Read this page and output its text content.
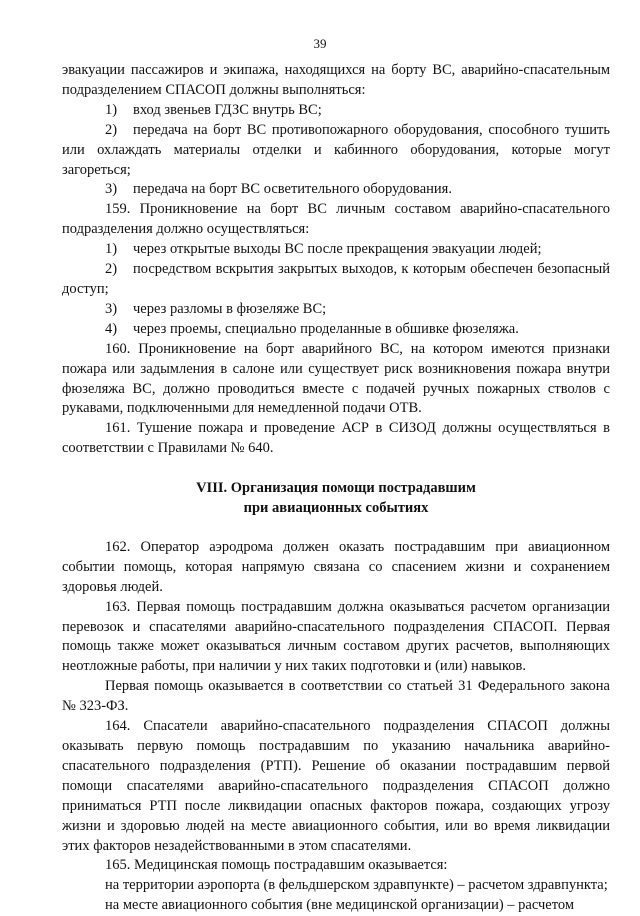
39

эвакуации пассажиров и экипажа, находящихся на борту ВС, аварийно-спасательным подразделением СПАСОП должны выполняться:

1) вход звеньев ГДЗС внутрь ВС;

2) передача на борт ВС противопожарного оборудования, способного тушить или охлаждать материалы отделки и кабинного оборудования, которые могут загореться;

3) передача на борт ВС осветительного оборудования.

159. Проникновение на борт ВС личным составом аварийно-спасательного подразделения должно осуществляться:

1) через открытые выходы ВС после прекращения эвакуации людей;

2) посредством вскрытия закрытых выходов, к которым обеспечен безопасный доступ;

3) через разломы в фюзеляже ВС;

4) через проемы, специально проделанные в обшивке фюзеляжа.

160. Проникновение на борт аварийного ВС, на котором имеются признаки пожара или задымления в салоне или существует риск возникновения пожара внутри фюзеляжа ВС, должно проводиться вместе с подачей ручных пожарных стволов с рукавами, подключенными для немедленной подачи ОТВ.

161. Тушение пожара и проведение АСР в СИЗОД должны осуществляться в соответствии с Правилами № 640.

VIII. Организация помощи пострадавшим
при авиационных событиях

162. Оператор аэродрома должен оказать пострадавшим при авиационном событии помощь, которая напрямую связана со спасением жизни и сохранением здоровья людей.

163. Первая помощь пострадавшим должна оказываться расчетом организации перевозок и спасателями аварийно-спасательного подразделения СПАСОП. Первая помощь также может оказываться личным составом других расчетов, выполняющих неотложные работы, при наличии у них таких подготовки и (или) навыков.

Первая помощь оказывается в соответствии со статьей 31 Федерального закона № 323-ФЗ.

164. Спасатели аварийно-спасательного подразделения СПАСОП должны оказывать первую помощь пострадавшим по указанию начальника аварийно-спасательного подразделения (РТП). Решение об оказании пострадавшим первой помощи спасателями аварийно-спасательного подразделения СПАСОП должно приниматься РТП после ликвидации опасных факторов пожара, создающих угрозу жизни и здоровью людей на месте авиационного события, или во время ликвидации этих факторов незадействованными в этом спасателями.

165. Медицинская помощь пострадавшим оказывается:

на территории аэропорта (в фельдшерском здравпункте) – расчетом здравпункта;

на месте авиационного события (вне медицинской организации) – расчетом
